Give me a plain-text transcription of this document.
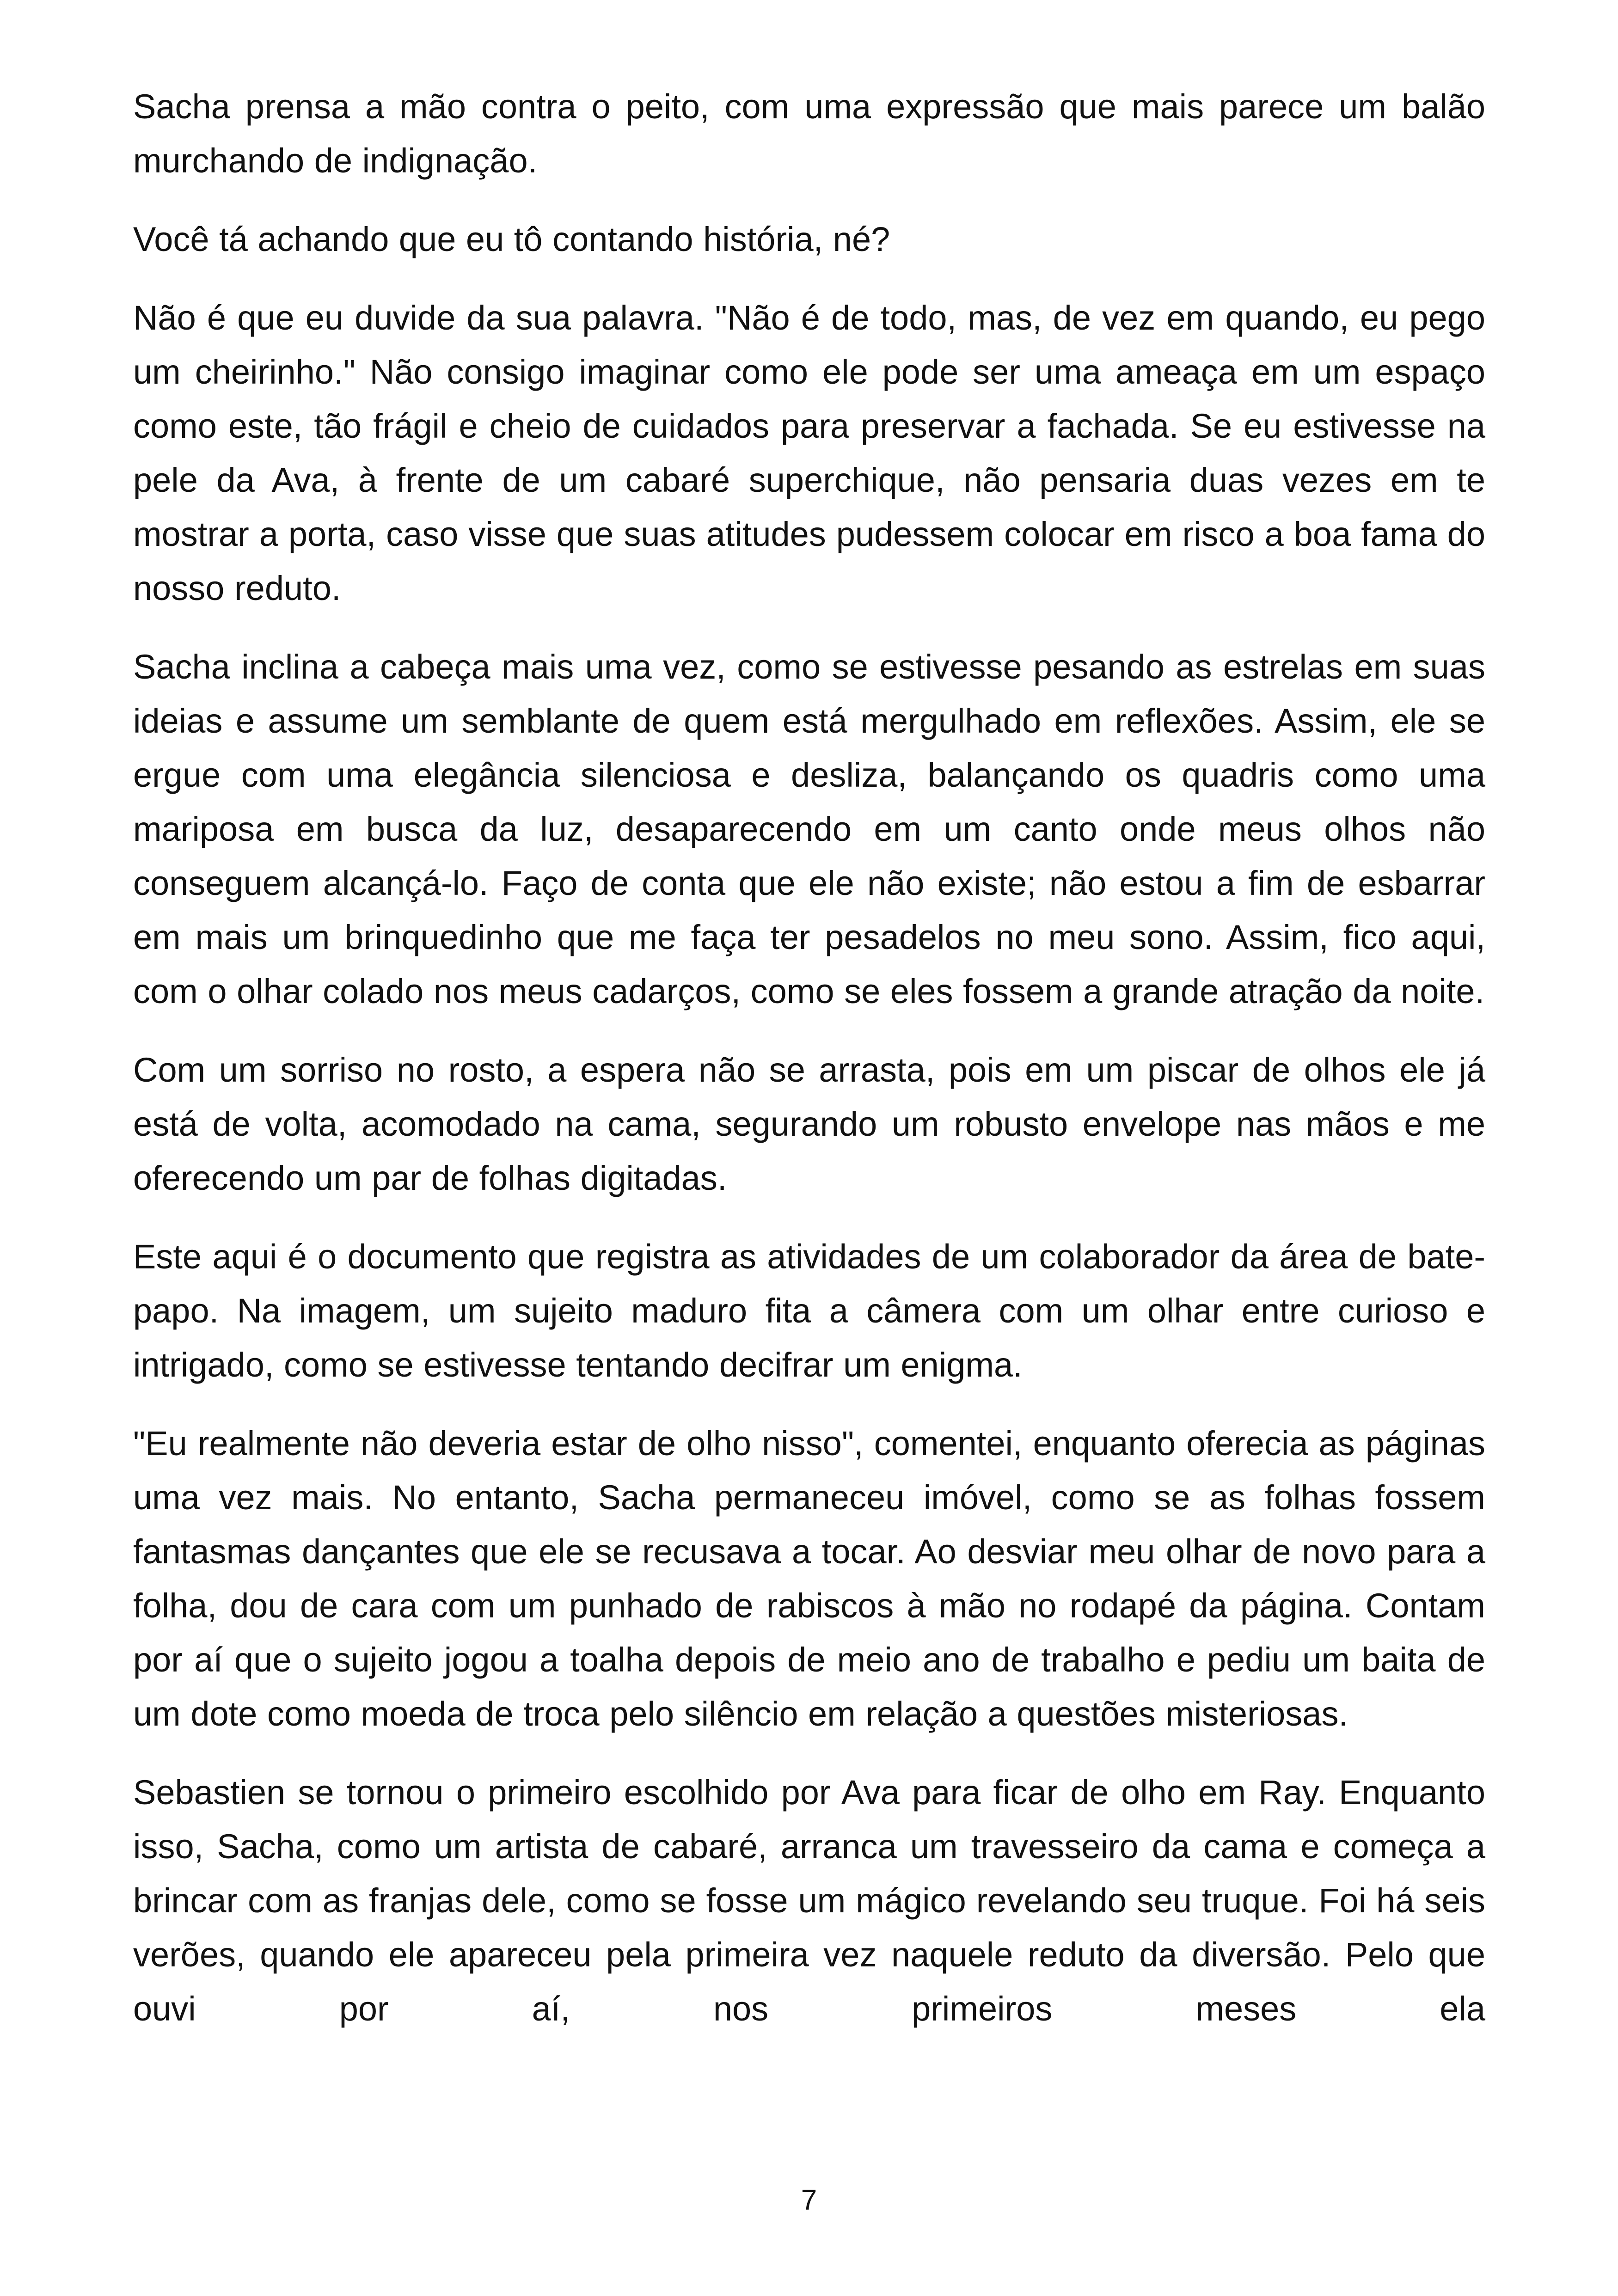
Sacha prensa a mão contra o peito, com uma expressão que mais parece um balão murchando de indignação.

Você tá achando que eu tô contando história, né?

Não é que eu duvide da sua palavra. "Não é de todo, mas, de vez em quando, eu pego um cheirinho." Não consigo imaginar como ele pode ser uma ameaça em um espaço como este, tão frágil e cheio de cuidados para preservar a fachada. Se eu estivesse na pele da Ava, à frente de um cabaré superchique, não pensaria duas vezes em te mostrar a porta, caso visse que suas atitudes pudessem colocar em risco a boa fama do nosso reduto.

Sacha inclina a cabeça mais uma vez, como se estivesse pesando as estrelas em suas ideias e assume um semblante de quem está mergulhado em reflexões. Assim, ele se ergue com uma elegância silenciosa e desliza, balançando os quadris como uma mariposa em busca da luz, desaparecendo em um canto onde meus olhos não conseguem alcançá-lo. Faço de conta que ele não existe; não estou a fim de esbarrar em mais um brinquedinho que me faça ter pesadelos no meu sono. Assim, fico aqui, com o olhar colado nos meus cadarços, como se eles fossem a grande atração da noite.

Com um sorriso no rosto, a espera não se arrasta, pois em um piscar de olhos ele já está de volta, acomodado na cama, segurando um robusto envelope nas mãos e me oferecendo um par de folhas digitadas.

Este aqui é o documento que registra as atividades de um colaborador da área de bate-papo. Na imagem, um sujeito maduro fita a câmera com um olhar entre curioso e intrigado, como se estivesse tentando decifrar um enigma.

"Eu realmente não deveria estar de olho nisso", comentei, enquanto oferecia as páginas uma vez mais. No entanto, Sacha permaneceu imóvel, como se as folhas fossem fantasmas dançantes que ele se recusava a tocar. Ao desviar meu olhar de novo para a folha, dou de cara com um punhado de rabiscos à mão no rodapé da página. Contam por aí que o sujeito jogou a toalha depois de meio ano de trabalho e pediu um baita de um dote como moeda de troca pelo silêncio em relação a questões misteriosas.

Sebastien se tornou o primeiro escolhido por Ava para ficar de olho em Ray. Enquanto isso, Sacha, como um artista de cabaré, arranca um travesseiro da cama e começa a brincar com as franjas dele, como se fosse um mágico revelando seu truque. Foi há seis verões, quando ele apareceu pela primeira vez naquele reduto da diversão. Pelo que ouvi por aí, nos primeiros meses ela

7
